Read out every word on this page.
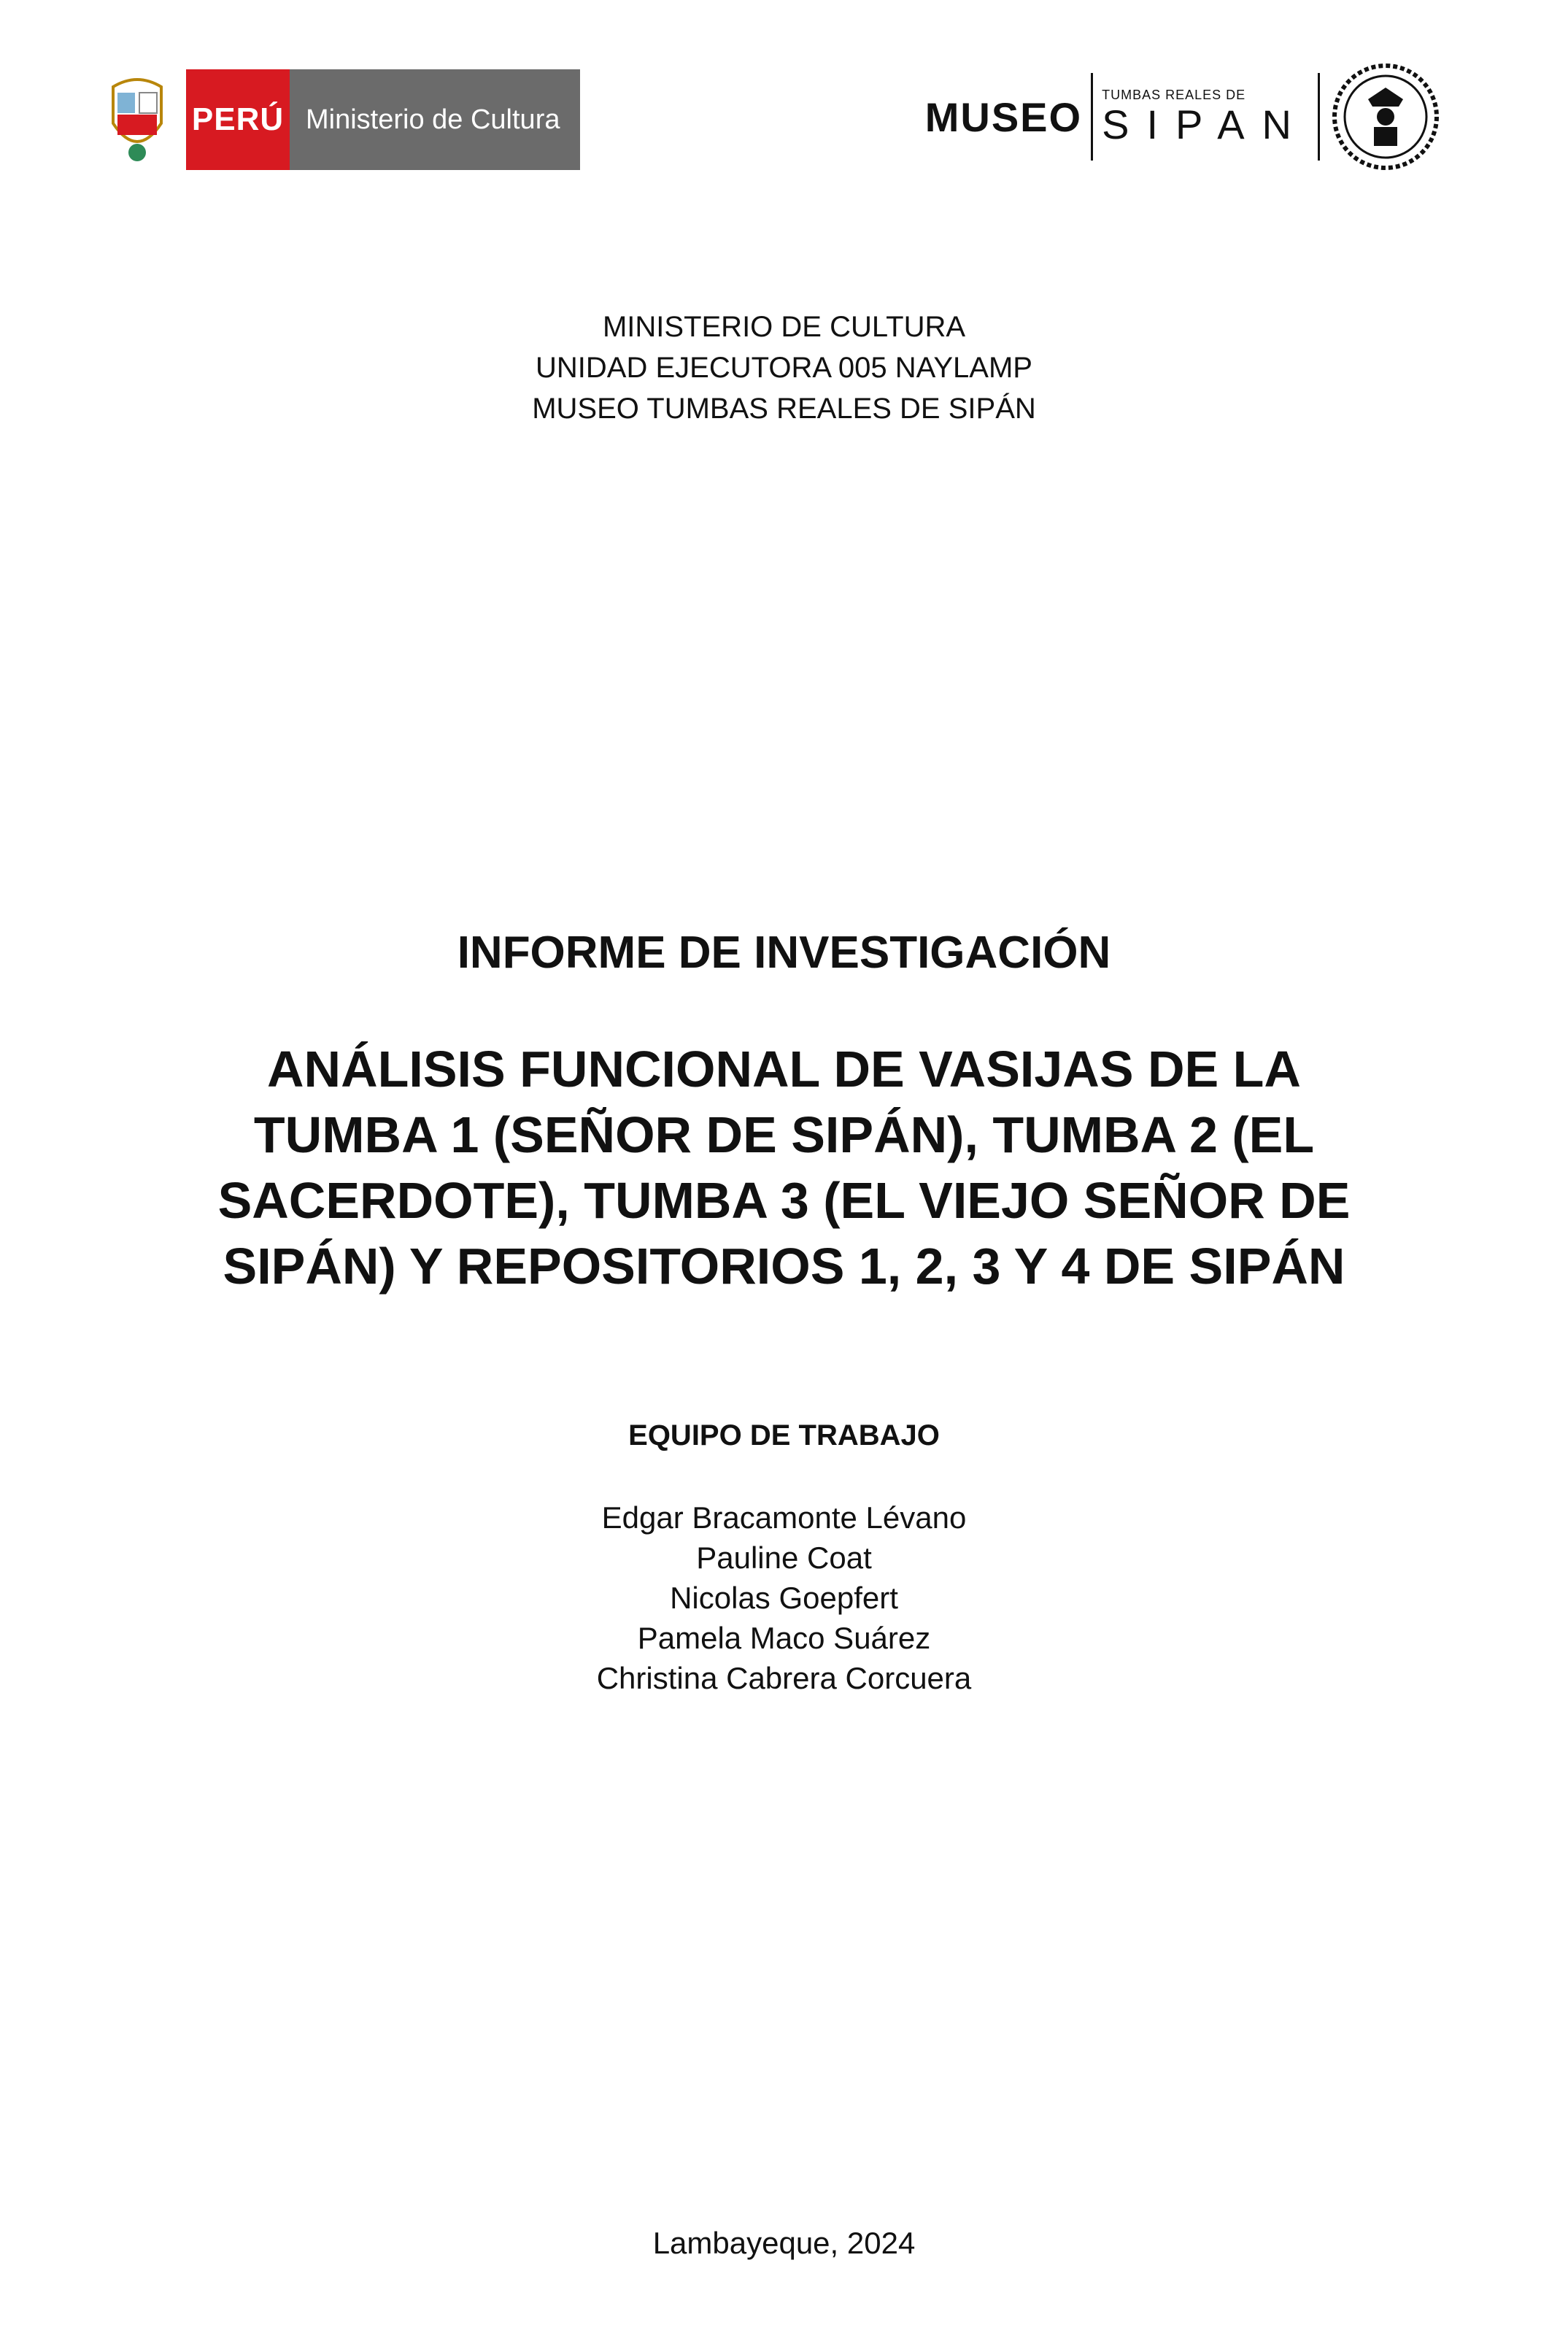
PERÚ Ministerio de Cultura	MUSEO TUMBAS REALES DE
SIPAN
MINISTERIO DE CULTURA
UNIDAD EJECUTORA 005 NAYLAMP
MUSEO TUMBAS REALES DE SIPÁN
INFORME DE INVESTIGACIÓN
ANÁLISIS FUNCIONAL DE VASIJAS DE LA
TUMBA 1 (SEÑOR DE SIPÁN), TUMBA 2 (EL
SACERDOTE), TUMBA 3 (EL VIEJO SEÑOR DE
SIPÁN) Y REPOSITORIOS 1, 2, 3 Y 4 DE SIPÁN
EQUIPO DE TRABAJO
Edgar Bracamonte Lévano
Pauline Coat
Nicolas Goepfert
Pamela Maco Suárez
Christina Cabrera Corcuera
Lambayeque, 2024
